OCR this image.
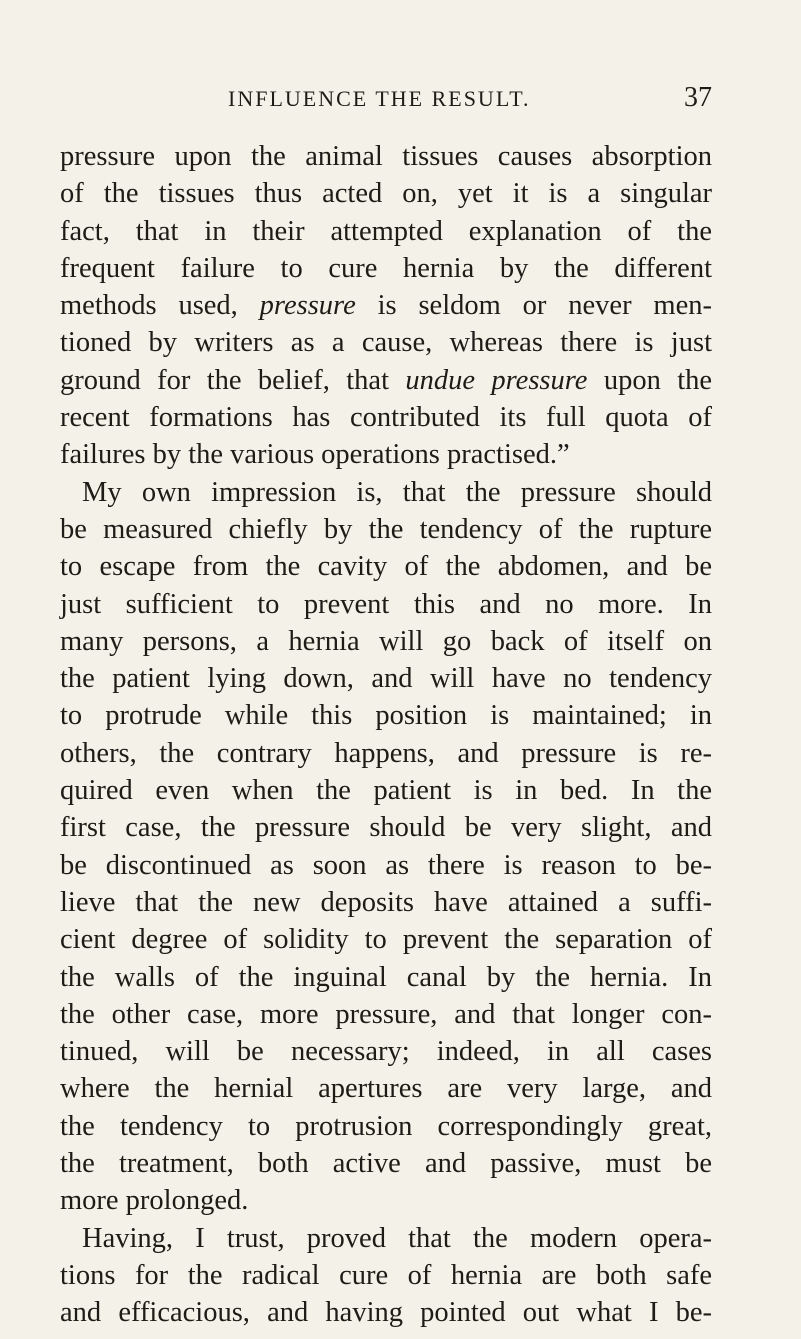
INFLUENCE THE RESULT.	37
pressure upon the animal tissues causes absorption
of the tissues thus acted on, yet it is a singular
fact, that in their attempted explanation of the
frequent failure to cure hernia by the different
methods used, pressure is seldom or never men-
tioned by writers as a cause, whereas there is just
ground for the belief, that undue pressure upon the
recent formations has contributed its full quota of
failures by the various operations practised.”
My own impression is, that the pressure should
be measured chiefly by the tendency of the rupture
to escape from the cavity of the abdomen, and be
just sufficient to prevent this and no more. In
many persons, a hernia will go back of itself on
the patient lying down, and will have no tendency
to protrude while this position is maintained; in
others, the contrary happens, and pressure is re-
quired even when the patient is in bed. In the
first case, the pressure should be very slight, and
be discontinued as soon as there is reason to be-
lieve that the new deposits have attained a suffi-
cient degree of solidity to prevent the separation of
the walls of the inguinal canal by the hernia. In
the other case, more pressure, and that longer con-
tinued, will be necessary; indeed, in all cases
where the hernial apertures are very large, and
the tendency to protrusion correspondingly great,
the treatment, both active and passive, must be
more prolonged.
Having, I trust, proved that the modern opera-
tions for the radical cure of hernia are both safe
and efficacious, and having pointed out what I be-
